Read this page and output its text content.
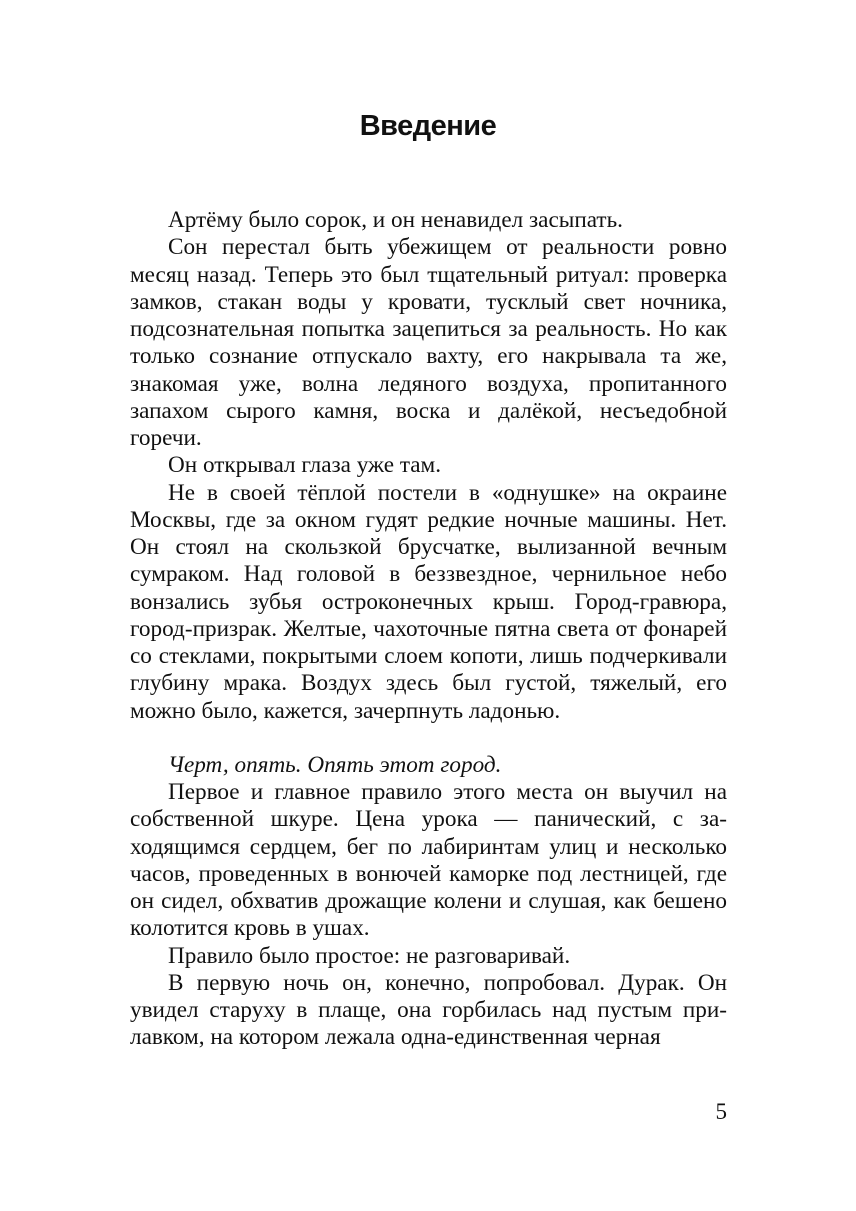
Введение

Артёму было сорок, и он ненавидел засыпать.

Сон перестал быть убежищем от реальности ровно месяц назад. Теперь это был тщательный ритуал: проверка замков, стакан воды у кровати, тусклый свет ночника, подсознательная попытка зацепиться за реальность. Но как только сознание отпускало вахту, его накрывала та же, знакомая уже, волна ледяного воздуха, пропитанного запахом сырого камня, воска и далёкой, несъедобной горечи.

Он открывал глаза уже там.

Не в своей тёплой постели в «однушке» на окраине Москвы, где за окном гудят редкие ночные машины. Нет. Он стоял на скользкой брусчатке, вылизанной вечным сумраком. Над головой в беззвездное, чернильное небо вонзались зубья остроконечных крыш. Город-гравюра, город-призрак. Желтые, чахоточные пятна света от фонарей со стеклами, покрытыми слоем копоти, лишь подчеркивали глубину мрака. Воздух здесь был густой, тяжелый, его можно было, кажется, зачерпнуть ладонью.

Черт, опять. Опять этот город.

Первое и главное правило этого места он выучил на собственной шкуре. Цена урока — панический, с заходящимся сердцем, бег по лабиринтам улиц и несколько часов, проведенных в вонючей каморке под лестницей, где он сидел, обхватив дрожащие колени и слушая, как бешено колотится кровь в ушах.

Правило было простое: не разговаривай.

В первую ночь он, конечно, попробовал. Дурак. Он увидел старуху в плаще, она горбилась над пустым прилавком, на котором лежала одна-единственная черная

5
